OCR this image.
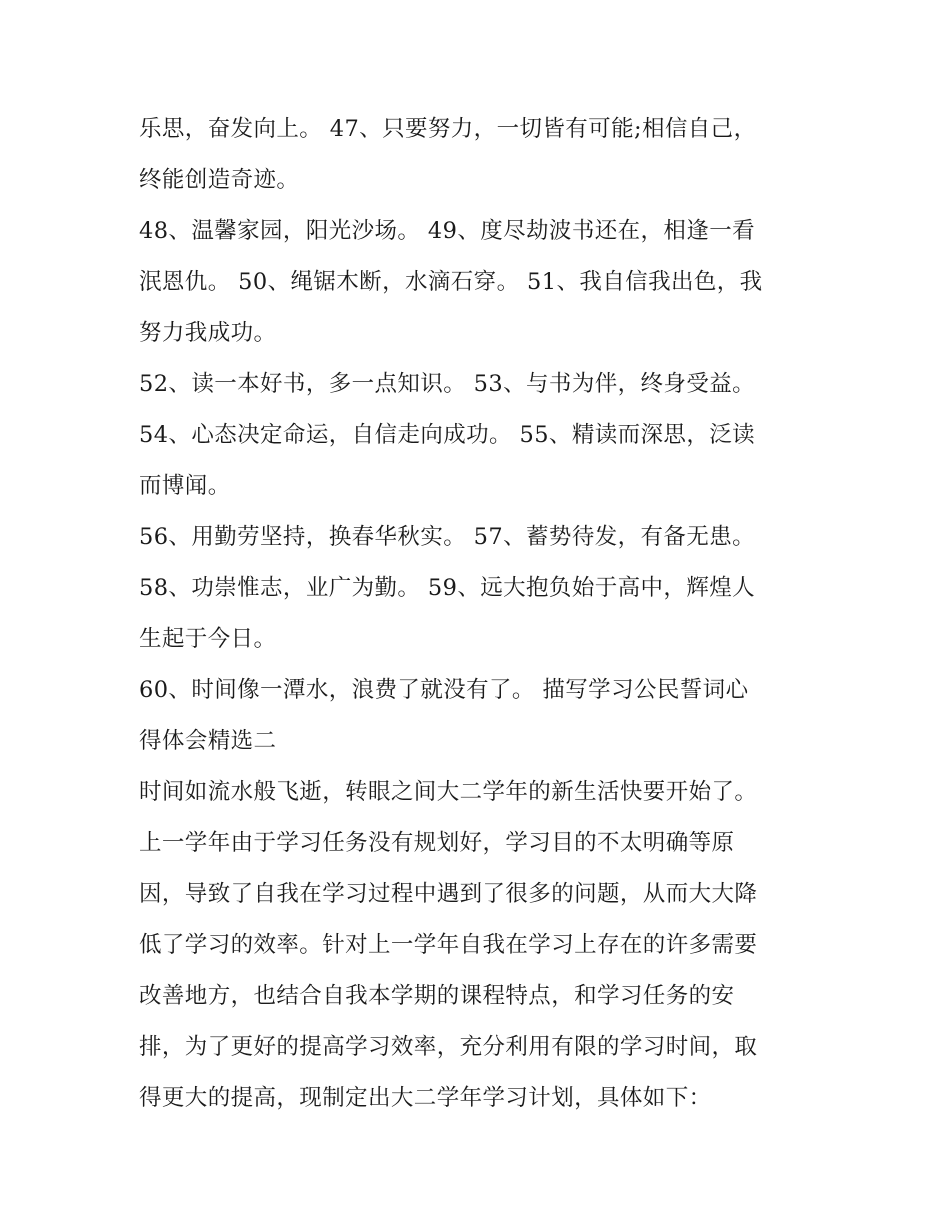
乐思，奋发向上。 47、只要努力，一切皆有可能;相信自己，
终能创造奇迹。
48、温馨家园，阳光沙场。 49、度尽劫波书还在，相逢一看
泯恩仇。 50、绳锯木断，水滴石穿。 51、我自信我出色，我
努力我成功。
52、读一本好书，多一点知识。 53、与书为伴，终身受益。
54、心态决定命运，自信走向成功。 55、精读而深思，泛读
而博闻。
56、用勤劳坚持，换春华秋实。 57、蓄势待发，有备无患。
58、功崇惟志，业广为勤。 59、远大抱负始于高中，辉煌人
生起于今日。
60、时间像一潭水，浪费了就没有了。 描写学习公民誓词心
得体会精选二
时间如流水般飞逝，转眼之间大二学年的新生活快要开始了。
上一学年由于学习任务没有规划好，学习目的不太明确等原
因，导致了自我在学习过程中遇到了很多的问题，从而大大降
低了学习的效率。针对上一学年自我在学习上存在的许多需要
改善地方，也结合自我本学期的课程特点，和学习任务的安
排，为了更好的提高学习效率，充分利用有限的学习时间，取
得更大的提高，现制定出大二学年学习计划，具体如下：
